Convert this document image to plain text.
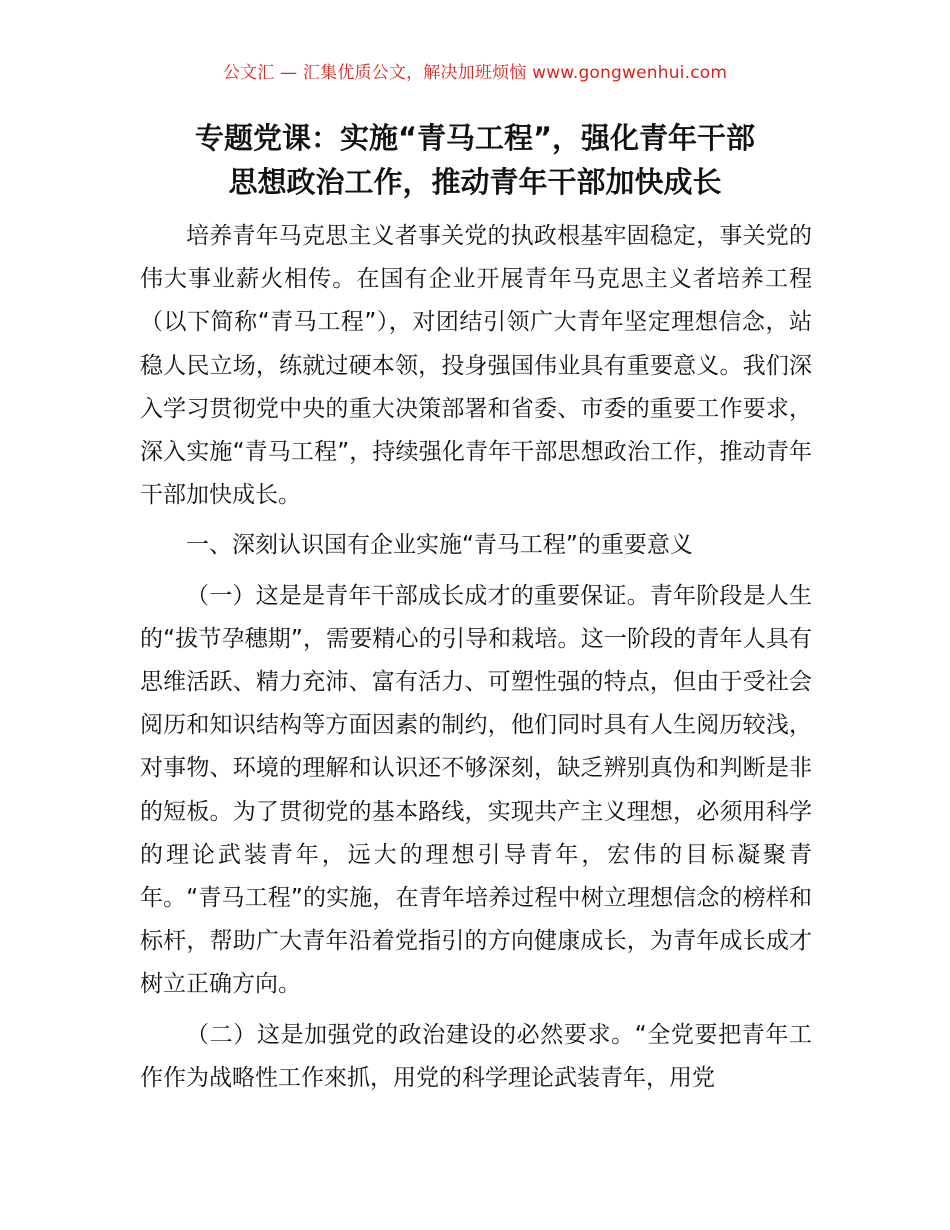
公文汇 — 汇集优质公文，解决加班烦恼 www.gongwenhui.com
专题党课：实施“青马工程”，强化青年干部
思想政治工作，推动青年干部加快成长

培养青年马克思主义者事关党的执政根基牢固稳定，事关党的伟大事业薪火相传。在国有企业开展青年马克思主义者培养工程（以下简称“青马工程”），对团结引领广大青年坚定理想信念，站稳人民立场，练就过硬本领，投身强国伟业具有重要意义。我们深入学习贯彻党中央的重大决策部署和省委、市委的重要工作要求，深入实施“青马工程”，持续强化青年干部思想政治工作，推动青年干部加快成长。

一、深刻认识国有企业实施“青马工程”的重要意义

（一）这是是青年干部成长成才的重要保证。青年阶段是人生的“拔节孕穗期”，需要精心的引导和栽培。这一阶段的青年人具有思维活跃、精力充沛、富有活力、可塑性强的特点，但由于受社会阅历和知识结构等方面因素的制约，他们同时具有人生阅历较浅，对事物、环境的理解和认识还不够深刻，缺乏辨别真伪和判断是非的短板。为了贯彻党的基本路线，实现共产主义理想，必须用科学的理论武装青年，远大的理想引导青年，宏伟的目标凝聚青年。“青马工程”的实施，在青年培养过程中树立理想信念的榜样和标杆，帮助广大青年沿着党指引的方向健康成长，为青年成长成才树立正确方向。

（二）这是加强党的政治建设的必然要求。“全党要把青年工作作为战略性工作來抓，用党的科学理论武装青年，用党
